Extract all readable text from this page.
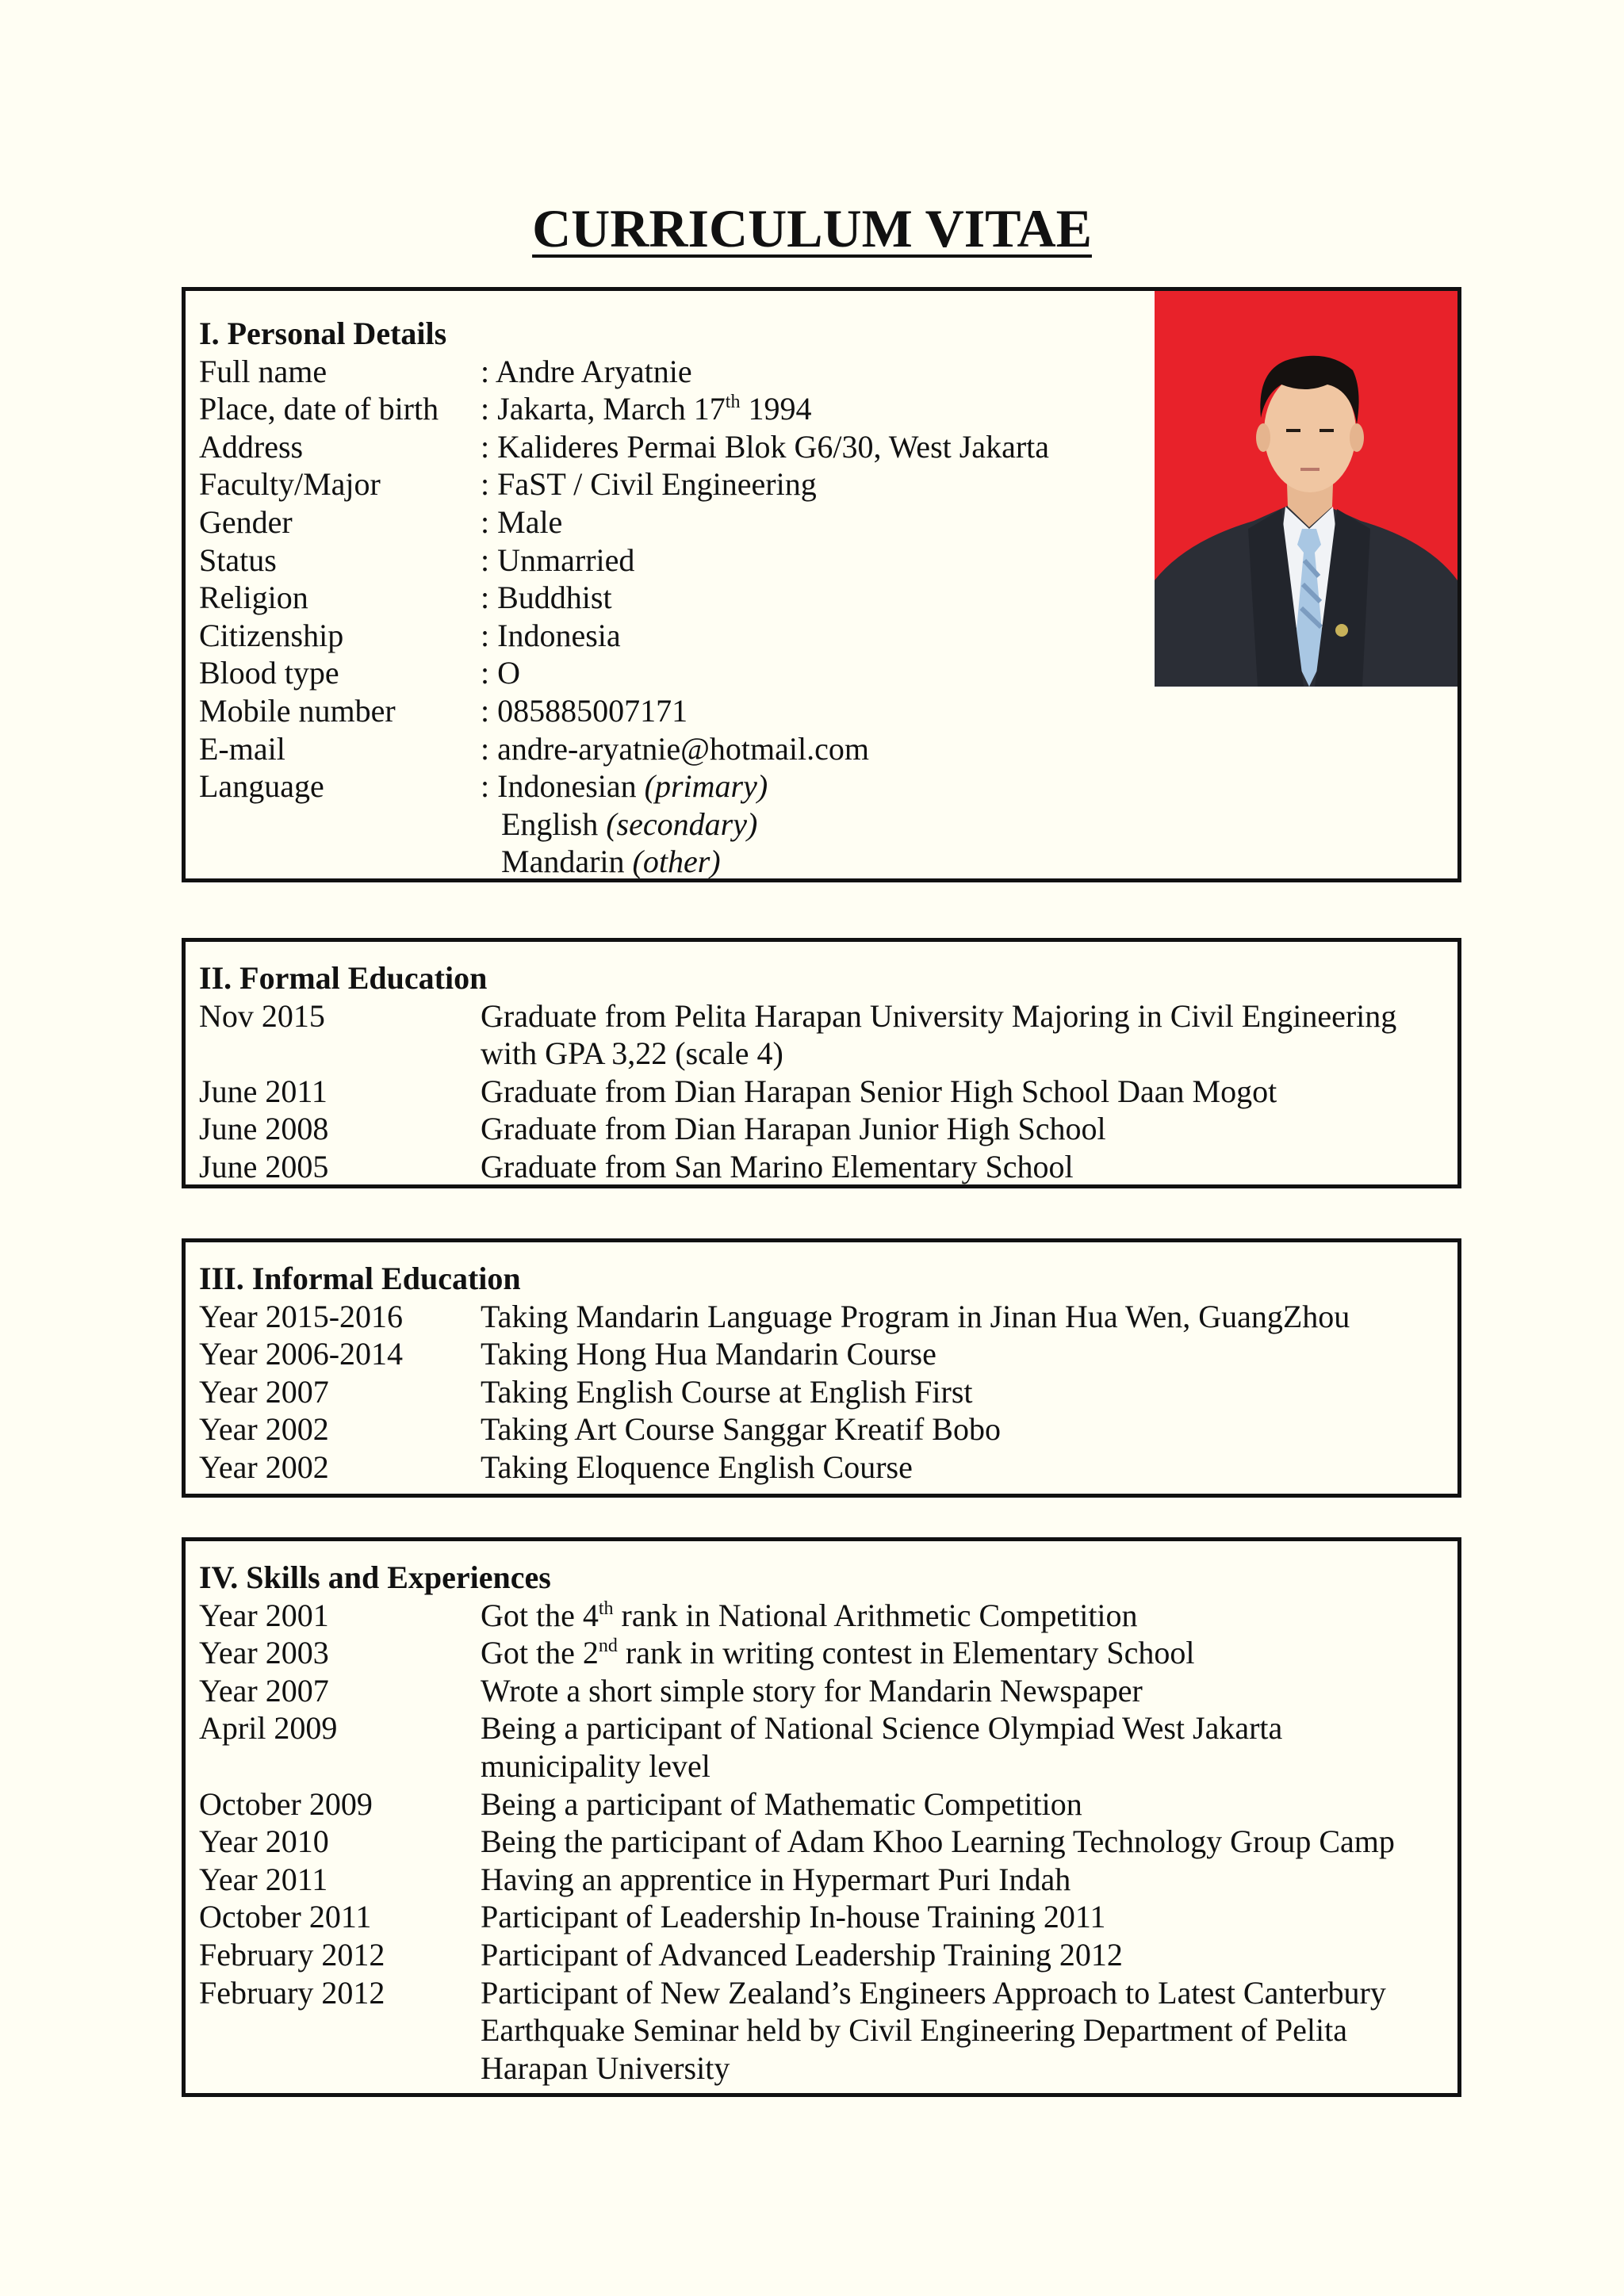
CURRICULUM VITAE
I. Personal Details
Full name	: Andre Aryatnie
Place, date of birth	: Jakarta, March 17th 1994
Address	: Kalideres Permai Blok G6/30, West Jakarta
Faculty/Major	: FaST / Civil Engineering
Gender	: Male
Status	: Unmarried
Religion	: Buddhist
Citizenship	: Indonesia
Blood type	: O
Mobile number	: 085885007171
E-mail	: andre-aryatnie@hotmail.com
Language	: Indonesian (primary)
English (secondary)
Mandarin (other)
II. Formal Education
Nov 2015	Graduate from Pelita Harapan University Majoring in Civil Engineering
with GPA 3,22 (scale 4)
June 2011	Graduate from Dian Harapan Senior High School Daan Mogot
June 2008	Graduate from Dian Harapan Junior High School
June 2005	Graduate from San Marino Elementary School
III. Informal Education
Year 2015-2016	Taking Mandarin Language Program in Jinan Hua Wen, GuangZhou
Year 2006-2014	Taking Hong Hua Mandarin Course
Year 2007	Taking English Course at English First
Year 2002	Taking Art Course Sanggar Kreatif Bobo
Year 2002	Taking Eloquence English Course
IV. Skills and Experiences
Year 2001	Got the 4th rank in National Arithmetic Competition
Year 2003	Got the 2nd rank in writing contest in Elementary School
Year 2007	Wrote a short simple story for Mandarin Newspaper
April 2009	Being a participant of National Science Olympiad West Jakarta
municipality level
October 2009	Being a participant of Mathematic Competition
Year 2010	Being the participant of Adam Khoo Learning Technology Group Camp
Year 2011	Having an apprentice in Hypermart Puri Indah
October 2011	Participant of Leadership In-house Training 2011
February 2012	Participant of Advanced Leadership Training 2012
February 2012	Participant of New Zealand’s Engineers Approach to Latest Canterbury
Earthquake Seminar held by Civil Engineering Department of Pelita
Harapan University
